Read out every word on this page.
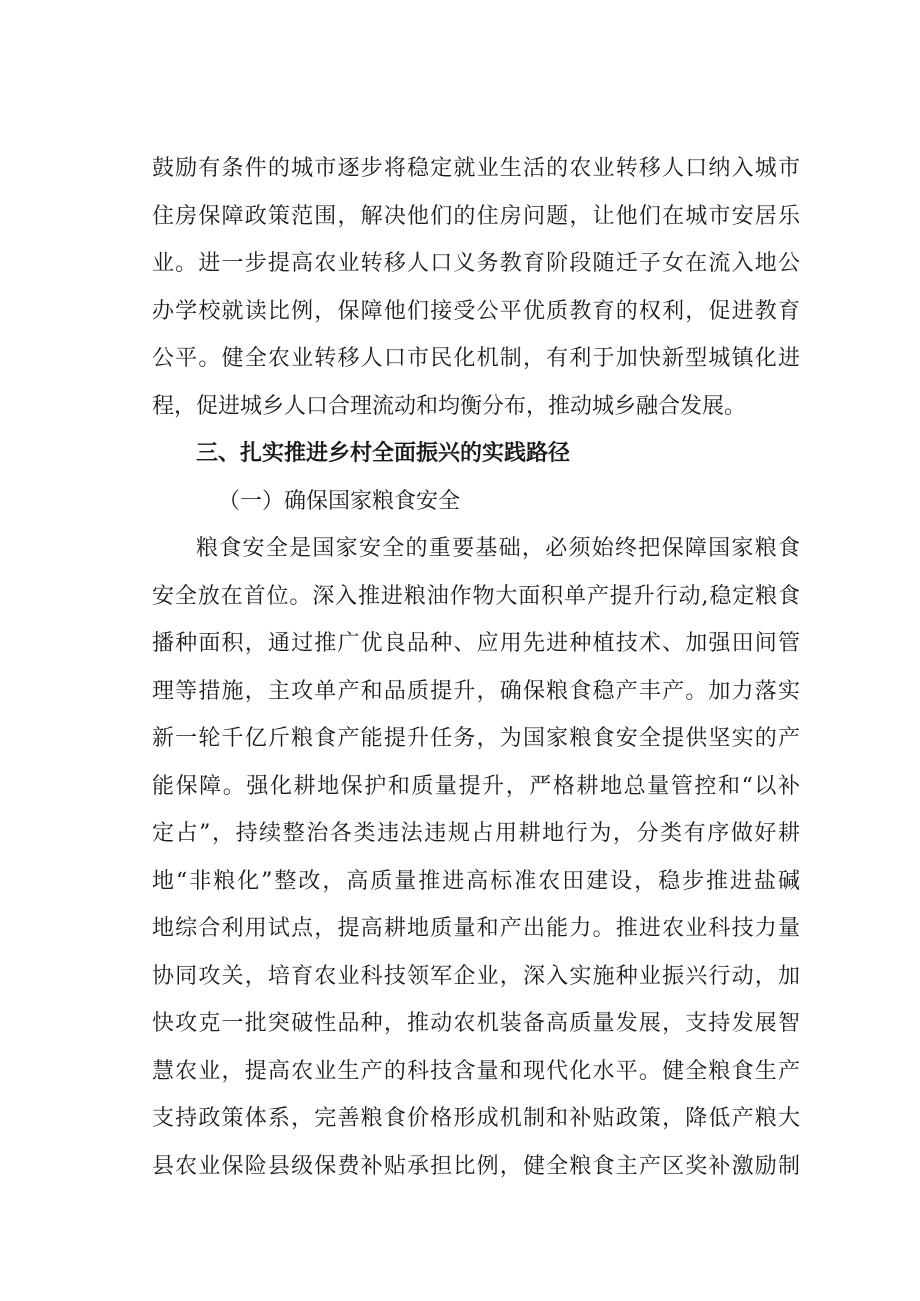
鼓励有条件的城市逐步将稳定就业生活的农业转移人口纳入城市
住房保障政策范围，解决他们的住房问题，让他们在城市安居乐
业。进一步提高农业转移人口义务教育阶段随迁子女在流入地公
办学校就读比例，保障他们接受公平优质教育的权利，促进教育
公平。健全农业转移人口市民化机制，有利于加快新型城镇化进
程，促进城乡人口合理流动和均衡分布，推动城乡融合发展。
三、扎实推进乡村全面振兴的实践路径
（一）确保国家粮食安全
粮食安全是国家安全的重要基础，必须始终把保障国家粮食
安全放在首位。深入推进粮油作物大面积单产提升行动,稳定粮食
播种面积，通过推广优良品种、应用先进种植技术、加强田间管
理等措施，主攻单产和品质提升，确保粮食稳产丰产。加力落实
新一轮千亿斤粮食产能提升任务，为国家粮食安全提供坚实的产
能保障。强化耕地保护和质量提升，严格耕地总量管控和“以补
定占”，持续整治各类违法违规占用耕地行为，分类有序做好耕
地“非粮化”整改，高质量推进高标准农田建设，稳步推进盐碱
地综合利用试点，提高耕地质量和产出能力。推进农业科技力量
协同攻关，培育农业科技领军企业，深入实施种业振兴行动，加
快攻克一批突破性品种，推动农机装备高质量发展，支持发展智
慧农业，提高农业生产的科技含量和现代化水平。健全粮食生产
支持政策体系，完善粮食价格形成机制和补贴政策，降低产粮大
县农业保险县级保费补贴承担比例，健全粮食主产区奖补激励制
